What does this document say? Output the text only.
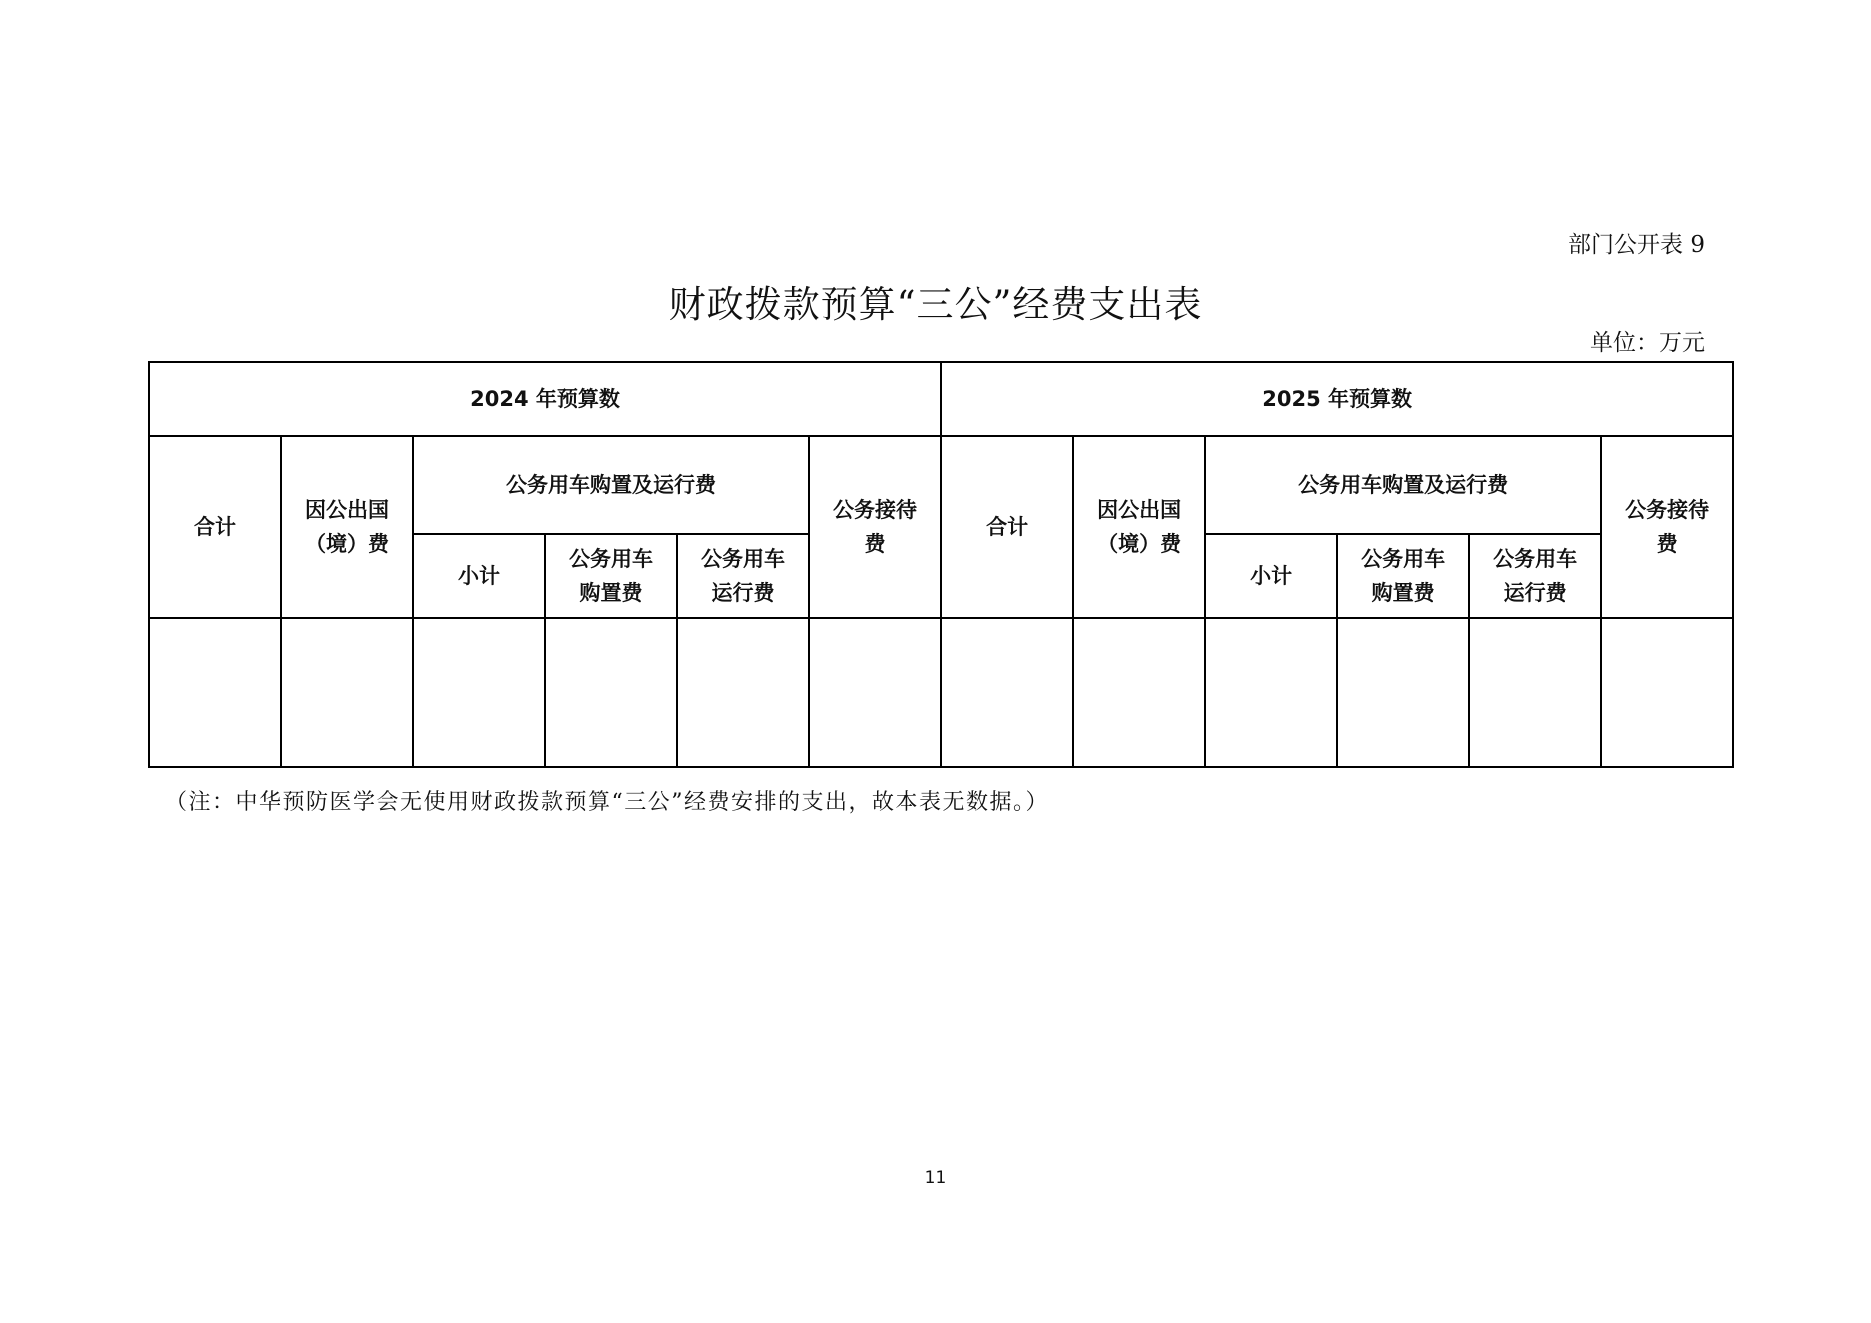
部门公开表 9
财政拨款预算“三公”经费支出表
单位：万元
2024 年预算数						2025 年预算数					
合计	因公出国（境）费	公务用车购置及运行费			公务接待费	合计	因公出国（境）费	公务用车购置及运行费			公务接待费
		小计	公务用车购置费	公务用车运行费				小计	公务用车购置费	公务用车运行费	

（注：中华预防医学会无使用财政拨款预算“三公”经费安排的支出，故本表无数据。）
11
